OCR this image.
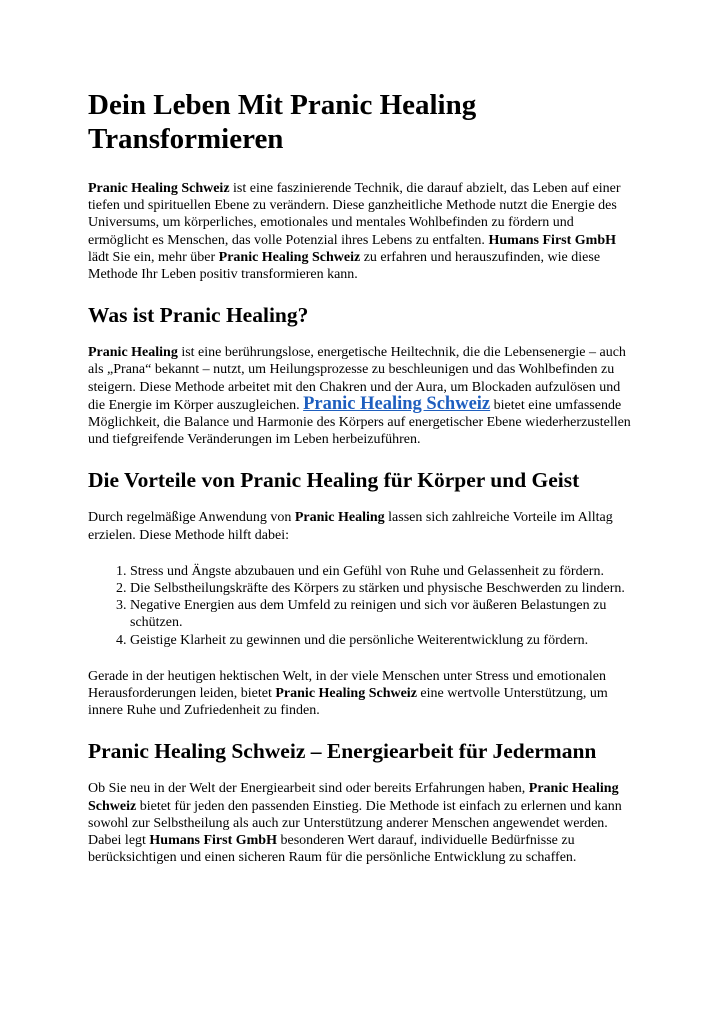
Dein Leben Mit Pranic Healing Transformieren

Pranic Healing Schweiz ist eine faszinierende Technik, die darauf abzielt, das Leben auf einer tiefen und spirituellen Ebene zu verändern. Diese ganzheitliche Methode nutzt die Energie des Universums, um körperliches, emotionales und mentales Wohlbefinden zu fördern und ermöglicht es Menschen, das volle Potenzial ihres Lebens zu entfalten. Humans First GmbH lädt Sie ein, mehr über Pranic Healing Schweiz zu erfahren und herauszufinden, wie diese Methode Ihr Leben positiv transformieren kann.

Was ist Pranic Healing?

Pranic Healing ist eine berührungslose, energetische Heiltechnik, die die Lebensenergie – auch als „Prana“ bekannt – nutzt, um Heilungsprozesse zu beschleunigen und das Wohlbefinden zu steigern. Diese Methode arbeitet mit den Chakren und der Aura, um Blockaden aufzulösen und die Energie im Körper auszugleichen. Pranic Healing Schweiz bietet eine umfassende Möglichkeit, die Balance und Harmonie des Körpers auf energetischer Ebene wiederherzustellen und tiefgreifende Veränderungen im Leben herbeizuführen.

Die Vorteile von Pranic Healing für Körper und Geist

Durch regelmäßige Anwendung von Pranic Healing lassen sich zahlreiche Vorteile im Alltag erzielen. Diese Methode hilft dabei:

1. Stress und Ängste abzubauen und ein Gefühl von Ruhe und Gelassenheit zu fördern.
2. Die Selbstheilungskräfte des Körpers zu stärken und physische Beschwerden zu lindern.
3. Negative Energien aus dem Umfeld zu reinigen und sich vor äußeren Belastungen zu schützen.
4. Geistige Klarheit zu gewinnen und die persönliche Weiterentwicklung zu fördern.

Gerade in der heutigen hektischen Welt, in der viele Menschen unter Stress und emotionalen Herausforderungen leiden, bietet Pranic Healing Schweiz eine wertvolle Unterstützung, um innere Ruhe und Zufriedenheit zu finden.

Pranic Healing Schweiz – Energiearbeit für Jedermann

Ob Sie neu in der Welt der Energiearbeit sind oder bereits Erfahrungen haben, Pranic Healing Schweiz bietet für jeden den passenden Einstieg. Die Methode ist einfach zu erlernen und kann sowohl zur Selbstheilung als auch zur Unterstützung anderer Menschen angewendet werden. Dabei legt Humans First GmbH besonderen Wert darauf, individuelle Bedürfnisse zu berücksichtigen und einen sicheren Raum für die persönliche Entwicklung zu schaffen.
